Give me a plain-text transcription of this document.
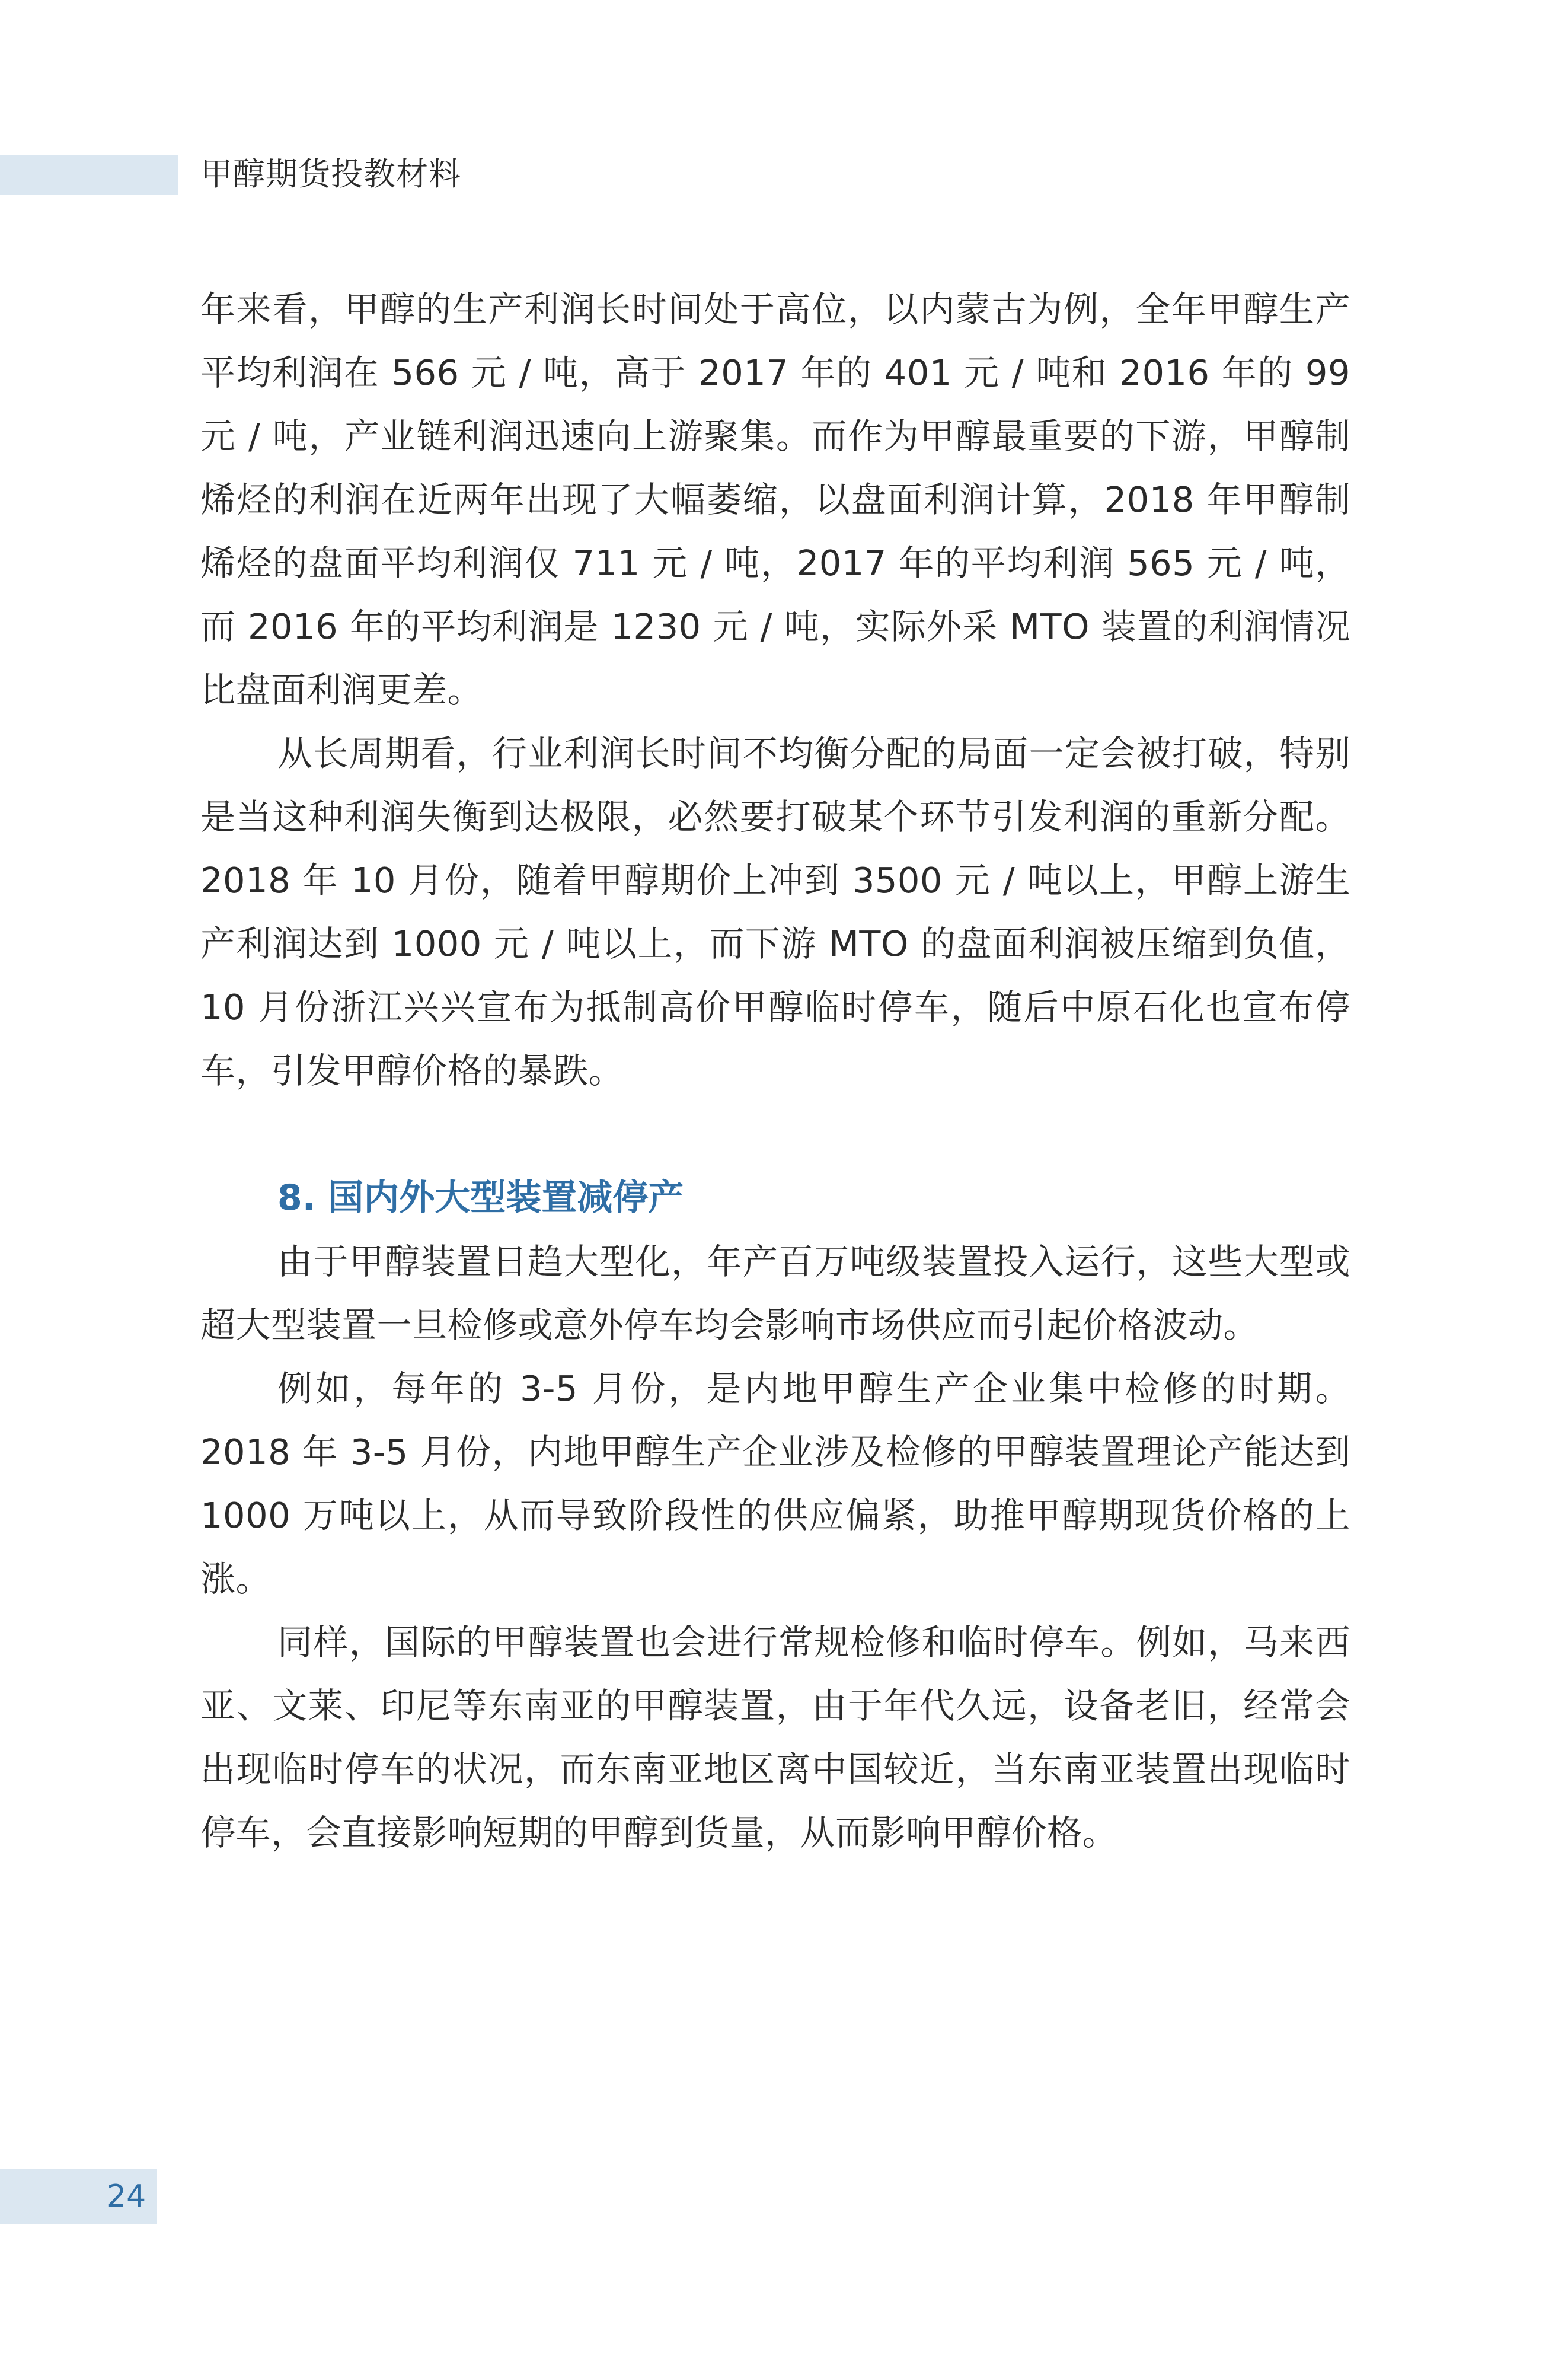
甲醇期货投教材料

年来看，甲醇的生产利润长时间处于高位，以内蒙古为例，全年甲醇生产平均利润在 566 元 / 吨，高于 2017 年的 401 元 / 吨和 2016 年的 99 元 / 吨，产业链利润迅速向上游聚集。而作为甲醇最重要的下游，甲醇制烯烃的利润在近两年出现了大幅萎缩，以盘面利润计算，2018 年甲醇制烯烃的盘面平均利润仅 711 元 / 吨，2017 年的平均利润 565 元 / 吨，而 2016 年的平均利润是 1230 元 / 吨，实际外采 MTO 装置的利润情况比盘面利润更差。

从长周期看，行业利润长时间不均衡分配的局面一定会被打破，特别是当这种利润失衡到达极限，必然要打破某个环节引发利润的重新分配。2018 年 10 月份，随着甲醇期价上冲到 3500 元 / 吨以上，甲醇上游生产利润达到 1000 元 / 吨以上，而下游 MTO 的盘面利润被压缩到负值，10 月份浙江兴兴宣布为抵制高价甲醇临时停车，随后中原石化也宣布停车，引发甲醇价格的暴跌。

8. 国内外大型装置减停产

由于甲醇装置日趋大型化，年产百万吨级装置投入运行，这些大型或超大型装置一旦检修或意外停车均会影响市场供应而引起价格波动。

例如，每年的 3-5 月份，是内地甲醇生产企业集中检修的时期。2018 年 3-5 月份，内地甲醇生产企业涉及检修的甲醇装置理论产能达到 1000 万吨以上，从而导致阶段性的供应偏紧，助推甲醇期现货价格的上涨。

同样，国际的甲醇装置也会进行常规检修和临时停车。例如，马来西亚、文莱、印尼等东南亚的甲醇装置，由于年代久远，设备老旧，经常会出现临时停车的状况，而东南亚地区离中国较近，当东南亚装置出现临时停车，会直接影响短期的甲醇到货量，从而影响甲醇价格。

24
